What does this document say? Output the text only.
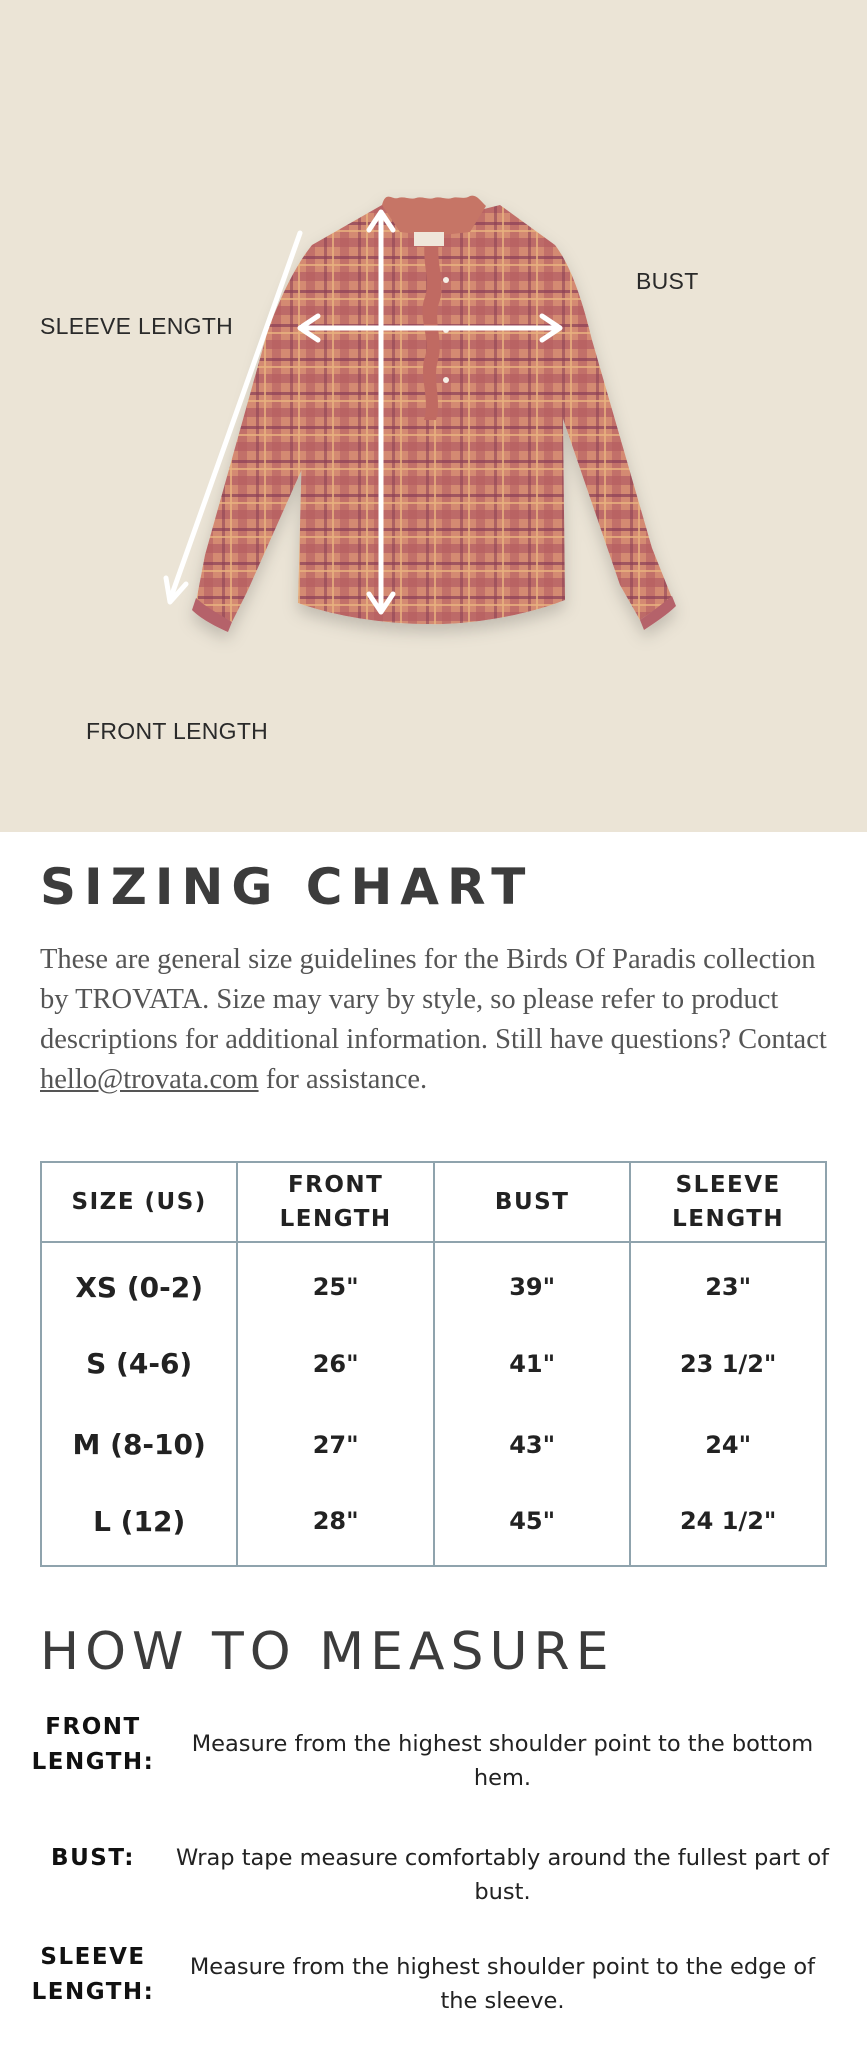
SLEEVE LENGTH
BUST
FRONT LENGTH
SIZING CHART

These are general size guidelines for the Birds Of Paradis collection by TROVATA. Size may vary by style, so please refer to product descriptions for additional information. Still have questions? Contact hello@trovata.com for assistance.

SIZE (US)	FRONT LENGTH	BUST	SLEEVE LENGTH
XS (0-2)	25"	39"	23"
S (4-6)	26"	41"	23 1/2"
M (8-10)	27"	43"	24"
L (12)	28"	45"	24 1/2"
HOW TO MEASURE
FRONT
LENGTH:
Measure from the highest shoulder point to the bottom hem.
BUST:	Wrap tape measure comfortably around the fullest part of bust.
SLEEVE
LENGTH:
Measure from the highest shoulder point to the edge of the sleeve.
